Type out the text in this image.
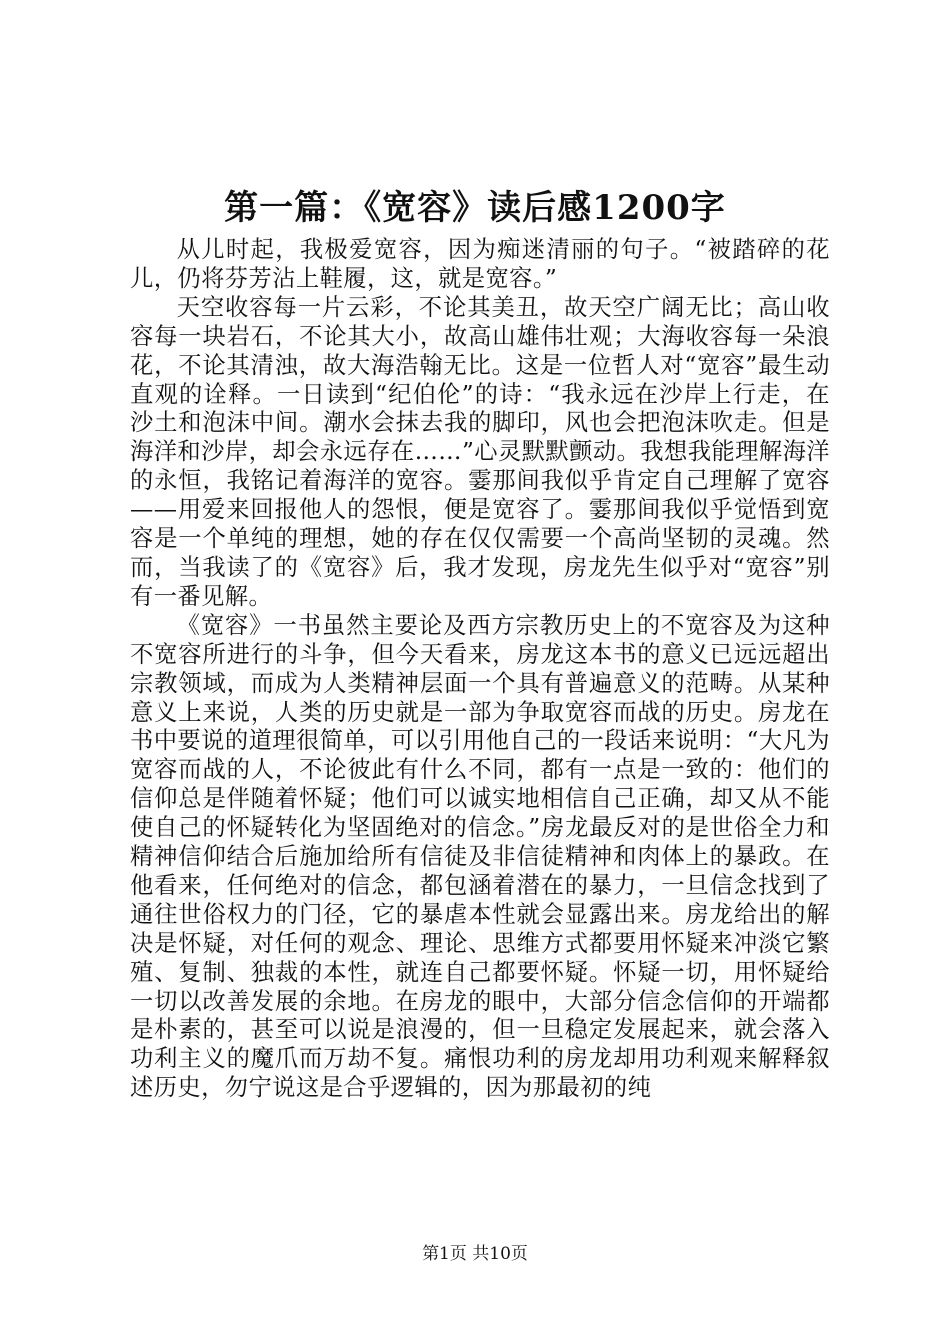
第一篇：《宽容》读后感1200字

从儿时起，我极爱宽容，因为痴迷清丽的句子。“被踏碎的花儿，仍将芬芳沾上鞋履，这，就是宽容。”

天空收容每一片云彩，不论其美丑，故天空广阔无比；高山收容每一块岩石，不论其大小，故高山雄伟壮观；大海收容每一朵浪花，不论其清浊，故大海浩翰无比。这是一位哲人对“宽容”最生动直观的诠释。一日读到“纪伯伦”的诗：“我永远在沙岸上行走，在沙土和泡沫中间。潮水会抹去我的脚印，风也会把泡沫吹走。但是海洋和沙岸，却会永远存在……”心灵默默颤动。我想我能理解海洋的永恒，我铭记着海洋的宽容。霎那间我似乎肯定自己理解了宽容——用爱来回报他人的怨恨，便是宽容了。霎那间我似乎觉悟到宽容是一个单纯的理想，她的存在仅仅需要一个高尚坚韧的灵魂。然而，当我读了的《宽容》后，我才发现，房龙先生似乎对“宽容”别有一番见解。

《宽容》一书虽然主要论及西方宗教历史上的不宽容及为这种不宽容所进行的斗争，但今天看来，房龙这本书的意义已远远超出宗教领域，而成为人类精神层面一个具有普遍意义的范畴。从某种意义上来说，人类的历史就是一部为争取宽容而战的历史。房龙在书中要说的道理很简单，可以引用他自己的一段话来说明：“大凡为宽容而战的人，不论彼此有什么不同，都有一点是一致的：他们的信仰总是伴随着怀疑；他们可以诚实地相信自己正确，却又从不能使自己的怀疑转化为坚固绝对的信念。”房龙最反对的是世俗全力和精神信仰结合后施加给所有信徒及非信徒精神和肉体上的暴政。在他看来，任何绝对的信念，都包涵着潜在的暴力，一旦信念找到了通往世俗权力的门径，它的暴虐本性就会显露出来。房龙给出的解决是怀疑，对任何的观念、理论、思维方式都要用怀疑来冲淡它繁殖、复制、独裁的本性，就连自己都要怀疑。怀疑一切，用怀疑给一切以改善发展的余地。在房龙的眼中，大部分信念信仰的开端都是朴素的，甚至可以说是浪漫的，但一旦稳定发展起来，就会落入功利主义的魔爪而万劫不复。痛恨功利的房龙却用功利观来解释叙述历史，勿宁说这是合乎逻辑的，因为那最初的纯

第1页 共10页
